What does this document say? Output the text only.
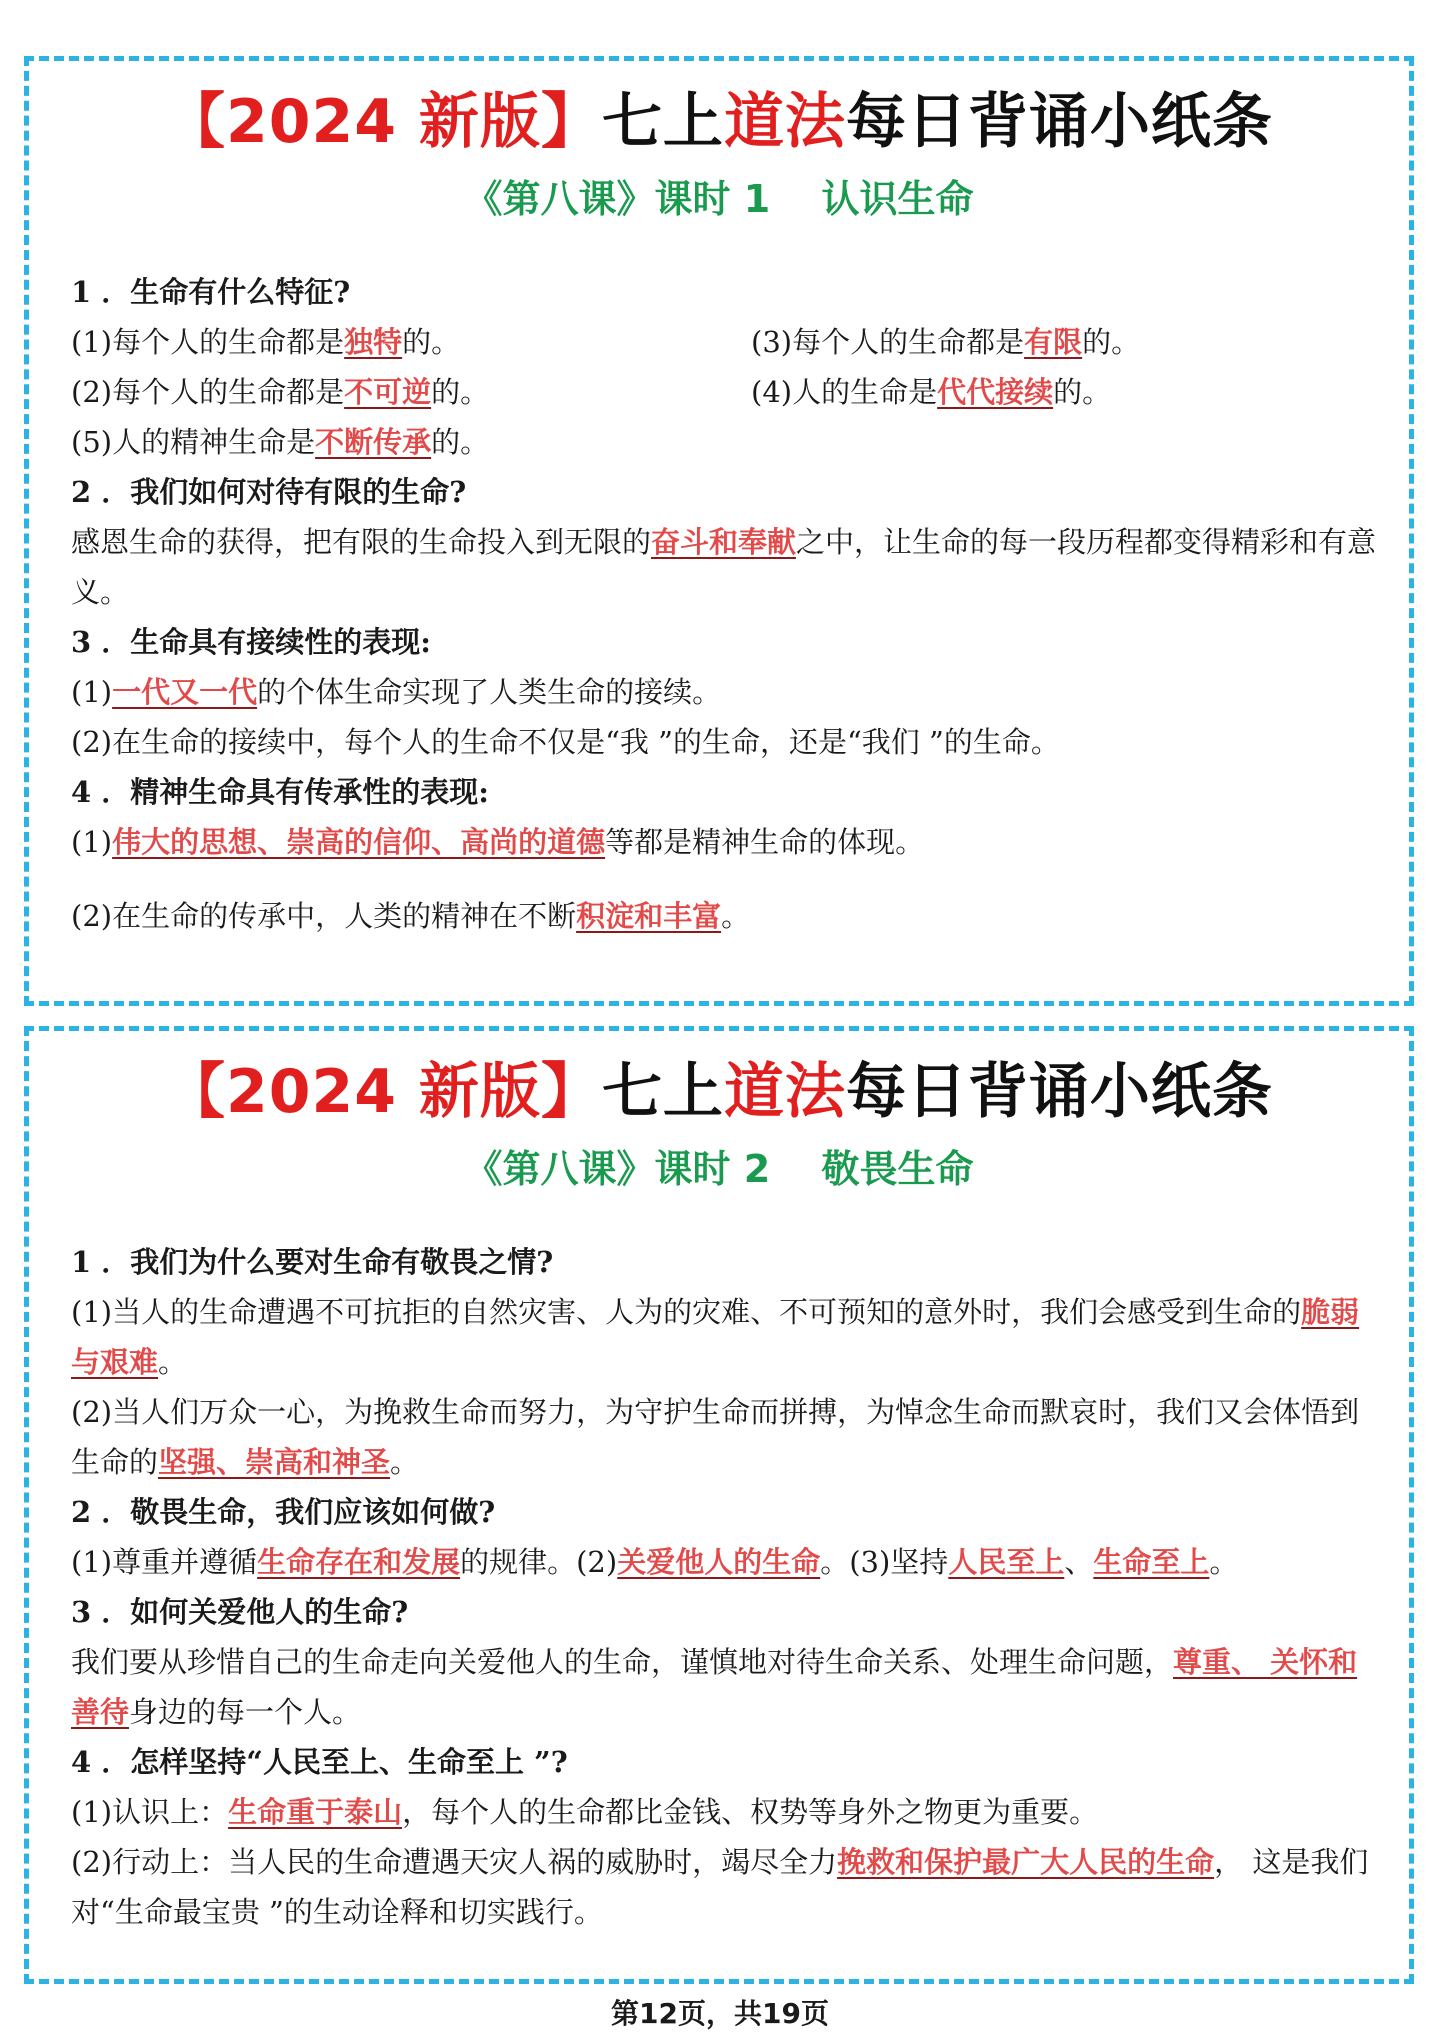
【2024 新版】七上道法每日背诵小纸条
《第八课》课时 1　 认识生命
1 ．生命有什么特征?
(1)每个人的生命都是独特的。	(3)每个人的生命都是有限的。
(2)每个人的生命都是不可逆的。	(4)人的生命是代代接续的。
(5)人的精神生命是不断传承的。
2 ．我们如何对待有限的生命?
感恩生命的获得，把有限的生命投入到无限的奋斗和奉献之中，让生命的每一段历程都变得精彩和有意义。
3 ．生命具有接续性的表现:
(1)一代又一代的个体生命实现了人类生命的接续。
(2)在生命的接续中，每个人的生命不仅是“我 ”的生命，还是“我们 ”的生命。
4 ．精神生命具有传承性的表现:
(1)伟大的思想、崇高的信仰、高尚的道德等都是精神生命的体现。
(2)在生命的传承中，人类的精神在不断积淀和丰富。
【2024 新版】七上道法每日背诵小纸条
《第八课》课时 2　 敬畏生命
1 ．我们为什么要对生命有敬畏之情?
(1)当人的生命遭遇不可抗拒的自然灾害、人为的灾难、不可预知的意外时，我们会感受到生命的脆弱与艰难。
(2)当人们万众一心，为挽救生命而努力，为守护生命而拼搏，为悼念生命而默哀时，我们又会体悟到生命的坚强、崇高和神圣。
2 ．敬畏生命，我们应该如何做?
(1)尊重并遵循生命存在和发展的规律。(2)关爱他人的生命。(3)坚持人民至上、生命至上。
3 ．如何关爱他人的生命?
我们要从珍惜自己的生命走向关爱他人的生命，谨慎地对待生命关系、处理生命问题，尊重、 关怀和善待身边的每一个人。
4 ．怎样坚持“人民至上、生命至上 ”?
(1)认识上：生命重于泰山，每个人的生命都比金钱、权势等身外之物更为重要。
(2)行动上：当人民的生命遭遇天灾人祸的威胁时，竭尽全力挽救和保护最广大人民的生命， 这是我们对“生命最宝贵 ”的生动诠释和切实践行。
第12页，共19页
